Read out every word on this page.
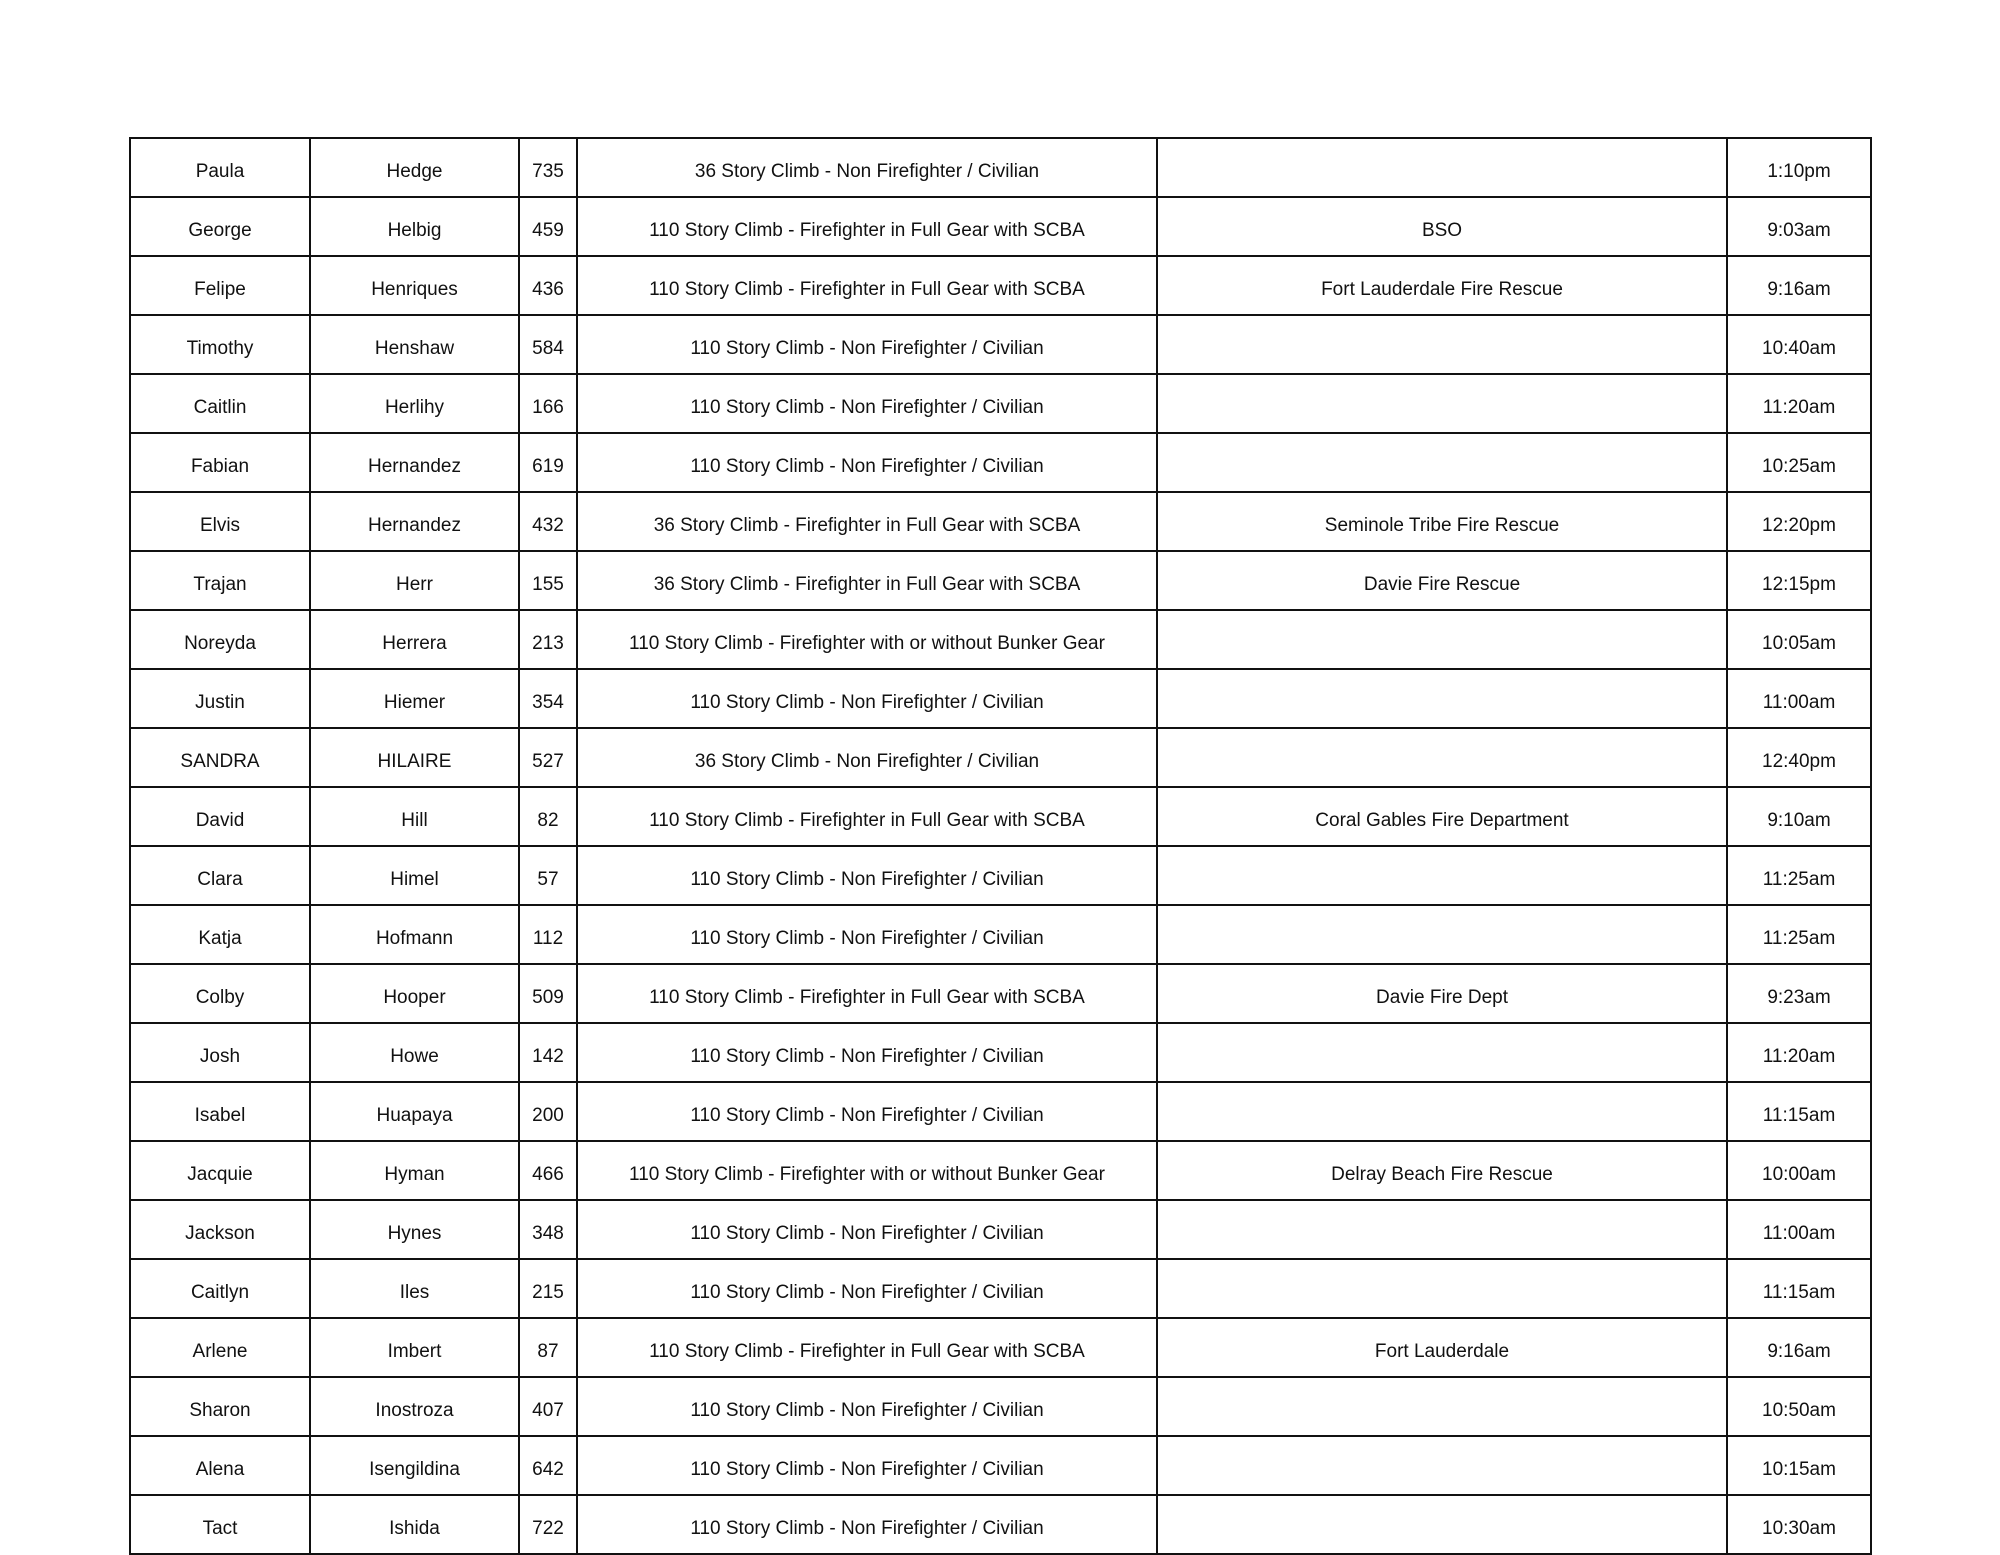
Paula	Hedge	735	36 Story Climb - Non Firefighter / Civilian		1:10pm
George	Helbig	459	110 Story Climb - Firefighter in Full Gear with SCBA	BSO	9:03am
Felipe	Henriques	436	110 Story Climb - Firefighter in Full Gear with SCBA	Fort Lauderdale Fire Rescue	9:16am
Timothy	Henshaw	584	110 Story Climb - Non Firefighter / Civilian		10:40am
Caitlin	Herlihy	166	110 Story Climb - Non Firefighter / Civilian		11:20am
Fabian	Hernandez	619	110 Story Climb - Non Firefighter / Civilian		10:25am
Elvis	Hernandez	432	36 Story Climb - Firefighter in Full Gear with SCBA	Seminole Tribe Fire Rescue	12:20pm
Trajan	Herr	155	36 Story Climb - Firefighter in Full Gear with SCBA	Davie Fire Rescue	12:15pm
Noreyda	Herrera	213	110 Story Climb - Firefighter with or without Bunker Gear		10:05am
Justin	Hiemer	354	110 Story Climb - Non Firefighter / Civilian		11:00am
SANDRA	HILAIRE	527	36 Story Climb - Non Firefighter / Civilian		12:40pm
David	Hill	82	110 Story Climb - Firefighter in Full Gear with SCBA	Coral Gables Fire Department	9:10am
Clara	Himel	57	110 Story Climb - Non Firefighter / Civilian		11:25am
Katja	Hofmann	112	110 Story Climb - Non Firefighter / Civilian		11:25am
Colby	Hooper	509	110 Story Climb - Firefighter in Full Gear with SCBA	Davie Fire Dept	9:23am
Josh	Howe	142	110 Story Climb - Non Firefighter / Civilian		11:20am
Isabel	Huapaya	200	110 Story Climb - Non Firefighter / Civilian		11:15am
Jacquie	Hyman	466	110 Story Climb - Firefighter with or without Bunker Gear	Delray Beach Fire Rescue	10:00am
Jackson	Hynes	348	110 Story Climb - Non Firefighter / Civilian		11:00am
Caitlyn	Iles	215	110 Story Climb - Non Firefighter / Civilian		11:15am
Arlene	Imbert	87	110 Story Climb - Firefighter in Full Gear with SCBA	Fort Lauderdale	9:16am
Sharon	Inostroza	407	110 Story Climb - Non Firefighter / Civilian		10:50am
Alena	Isengildina	642	110 Story Climb - Non Firefighter / Civilian		10:15am
Tact	Ishida	722	110 Story Climb - Non Firefighter / Civilian		10:30am
